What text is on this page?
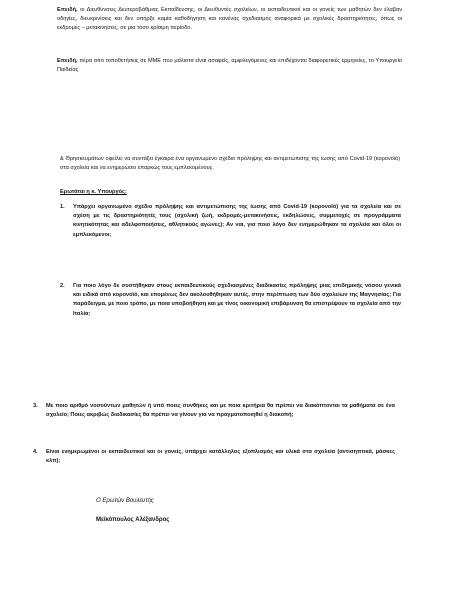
Επειδή, οι Διευθύνσεις Δευτεροβάθμιας Εκπαίδευσης, οι Διευθυντές σχολείων, οι εκπαιδευτικοί και οι γονείς των μαθητών δεν έλαβαν οδηγίες, διευκρινίσεις και δεν υπήρξε καμία καθοδήγηση και κανένας σχεδιασμός αναφορικά με σχολικές δραστηριότητες, όπως οι εκδρομές – μετακινήσεις, σε μια τόσο κρίσιμη περίοδο.

Επειδή, πέρα από τοποθετήσεις σε ΜΜΕ που μάλιστα είναι ασαφείς, αμφιλεγόμενες και επιδέχονται διαφορετικές ερμηνείες, το Υπουργείο Παιδείας

& Θρησκευμάτων οφείλει να συντάξει έγκαιρα ένα οργανωμένο σχέδιο πρόληψης και αντιμετώπισης της ίωσης από Covid-19 (κορονοϊό) στα σχολεία και να ενημερώσει επαρκώς τους εμπλεκομένους.

Ερωτάται η κ. Υπουργός:
1. Υπάρχει οργανωμένο σχέδιο πρόληψης και αντιμετώπισης της ίωσης από Covid-19 (κορονοϊό) για τα σχολεία και σε σχέση με τις δραστηριότητές τους (σχολική ζωή, εκδρομές-μετακινήσεις, εκδηλώσεις, συμμετοχές σε προγράμματα κινητικότητας και αδελφοποιήσεις, αθλητικούς αγώνες); Αν ναι, για ποιο λόγο δεν ενημερώθηκαν τα σχολεία και όλοι οι εμπλεκόμενοι;
2. Για ποιο λόγο δε συστήθηκαν στους εκπαιδευτικούς σχεδιασμένες διαδικασίες πρόληψης μιας επιδημικής νόσου γενικά και ειδικά από κορονοϊό, και επομένως δεν ακολουθήθηκαν αυτές, στην περίπτωση των δύο σχολείων της Μαγνησίας; Για παράδειγμα, με ποιο τρόπο, με ποια υποβοήθηση και με τίνος οικονομική επιβάρυνση θα επιστρέψουν τα σχολεία από την Ιταλία;
3. Με ποιο αριθμό νοσούντων μαθητών ή υπό ποιες συνθήκες και με ποια κριτήρια θα πρέπει να διακόπτονται τα μαθήματα σε ένα σχολείο; Ποιες ακριβώς διαδικασίες θα πρέπει να γίνουν για να πραγματοποιηθεί η διακοπή;
4. Είναι ενημερωμένοι οι εκπαιδευτικοί και οι γονείς, υπάρχει κατάλληλος εξοπλισμός και υλικά στα σχολεία (αντισηπτικά, μάσκες κλπ);
Ο Ερωτών Βουλευτής
Μεϊκόπουλος Αλέξανδρος
